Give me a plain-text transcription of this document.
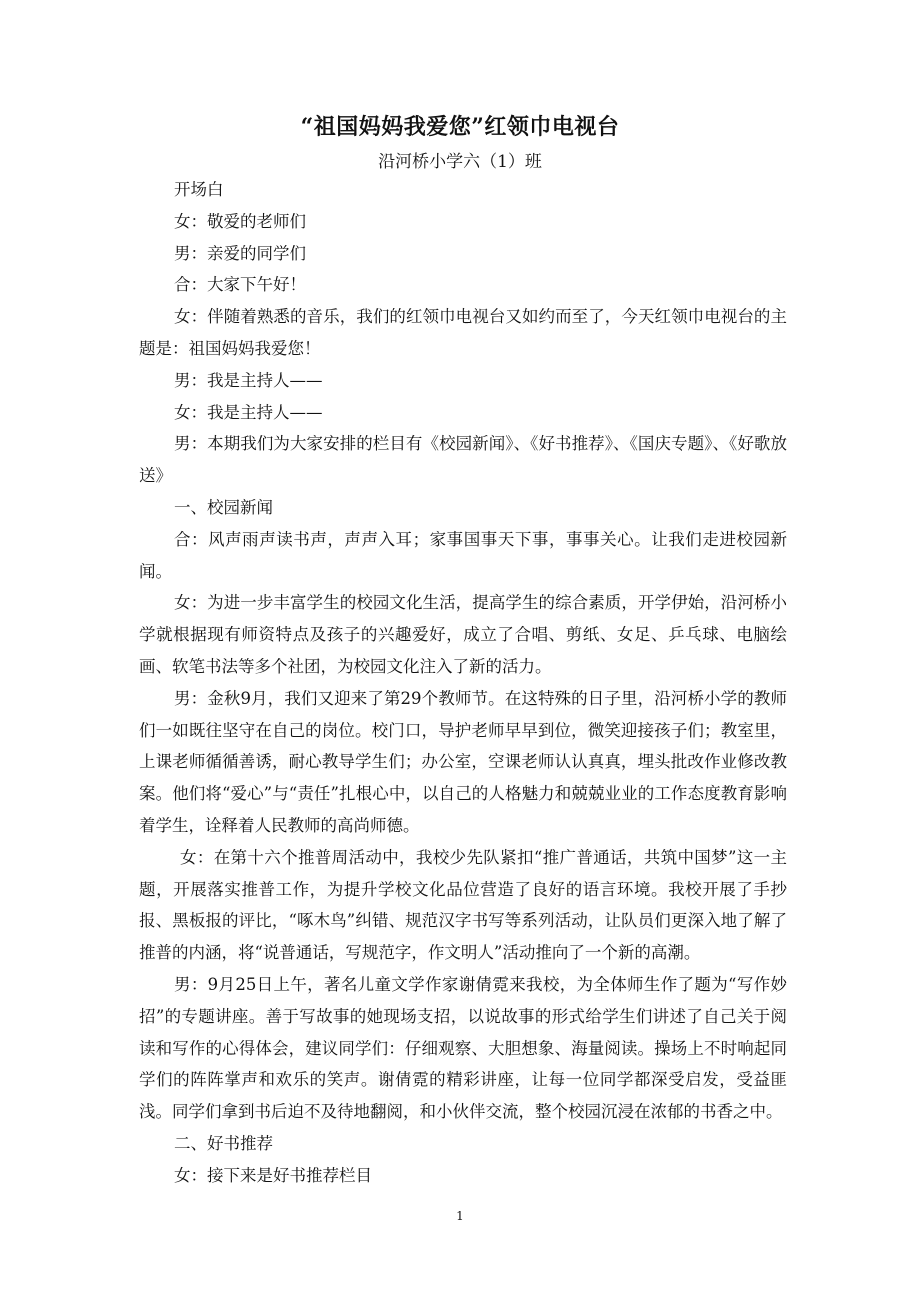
“祖国妈妈我爱您”红领巾电视台
沿河桥小学六（1）班

开场白

女：敬爱的老师们

男：亲爱的同学们

合：大家下午好！

女：伴随着熟悉的音乐，我们的红领巾电视台又如约而至了，今天红领巾电视台的主题是：祖国妈妈我爱您！

男：我是主持人——

女：我是主持人——

男：本期我们为大家安排的栏目有《校园新闻》、《好书推荐》、《国庆专题》、《好歌放送》

一、校园新闻

合：风声雨声读书声，声声入耳；家事国事天下事，事事关心。让我们走进校园新闻。

女：为进一步丰富学生的校园文化生活，提高学生的综合素质，开学伊始，沿河桥小学就根据现有师资特点及孩子的兴趣爱好，成立了合唱、剪纸、女足、乒乓球、电脑绘画、软笔书法等多个社团，为校园文化注入了新的活力。

男：金秋9月，我们又迎来了第29个教师节。在这特殊的日子里，沿河桥小学的教师们一如既往坚守在自己的岗位。校门口，导护老师早早到位，微笑迎接孩子们；教室里，上课老师循循善诱，耐心教导学生们；办公室，空课老师认认真真，埋头批改作业修改教案。他们将“爱心”与“责任”扎根心中，以自己的人格魅力和兢兢业业的工作态度教育影响着学生，诠释着人民教师的高尚师德。

女：在第十六个推普周活动中，我校少先队紧扣“推广普通话，共筑中国梦”这一主题，开展落实推普工作，为提升学校文化品位营造了良好的语言环境。我校开展了手抄报、黑板报的评比，“啄木鸟”纠错、规范汉字书写等系列活动，让队员们更深入地了解了推普的内涵，将“说普通话，写规范字，作文明人”活动推向了一个新的高潮。

男：9月25日上午，著名儿童文学作家谢倩霓来我校，为全体师生作了题为“写作妙招”的专题讲座。善于写故事的她现场支招，以说故事的形式给学生们讲述了自己关于阅读和写作的心得体会，建议同学们：仔细观察、大胆想象、海量阅读。操场上不时响起同学们的阵阵掌声和欢乐的笑声。谢倩霓的精彩讲座，让每一位同学都深受启发，受益匪浅。同学们拿到书后迫不及待地翻阅，和小伙伴交流，整个校园沉浸在浓郁的书香之中。

二、好书推荐

女：接下来是好书推荐栏目

1
